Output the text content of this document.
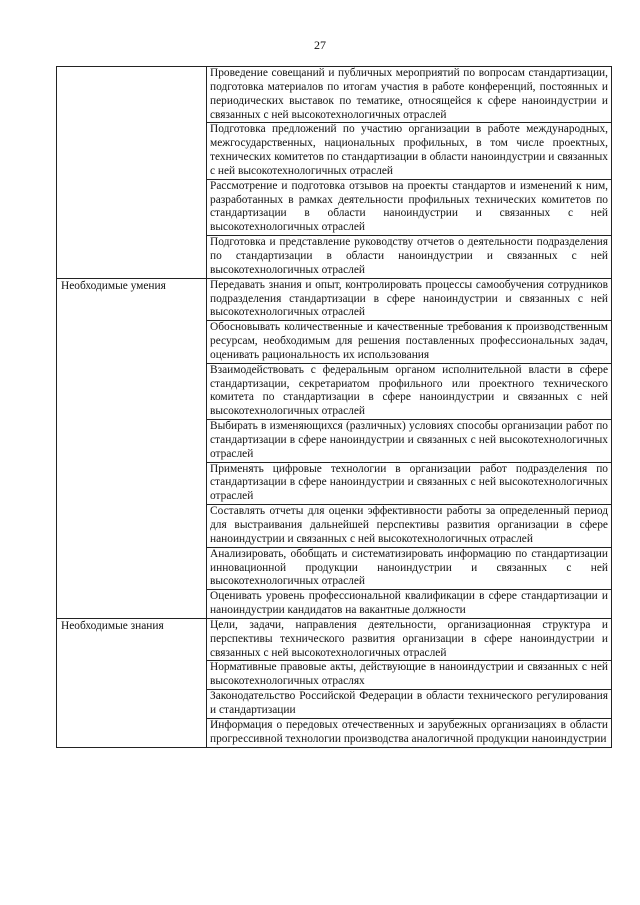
27
	Проведение совещаний и публичных мероприятий по вопросам стандартизации, подготовка материалов по итогам участия в работе конференций, постоянных и периодических выставок по тематике, относящейся к сфере наноиндустрии и связанных с ней высокотехнологичных отраслей
	Подготовка предложений по участию организации в работе международных, межгосударственных, национальных профильных, в том числе проектных, технических комитетов по стандартизации в области наноиндустрии и связанных с ней высокотехнологичных отраслей
	Рассмотрение и подготовка отзывов на проекты стандартов и изменений к ним, разработанных в рамках деятельности профильных технических комитетов по стандартизации в области наноиндустрии и связанных с ней высокотехнологичных отраслей
	Подготовка и представление руководству отчетов о деятельности подразделения по стандартизации в области наноиндустрии и связанных с ней высокотехнологичных отраслей
Необходимые умения	Передавать знания и опыт, контролировать процессы самообучения сотрудников подразделения стандартизации в сфере наноиндустрии и связанных с ней высокотехнологичных отраслей
	Обосновывать количественные и качественные требования к производственным ресурсам, необходимым для решения поставленных профессиональных задач, оценивать рациональность их использования
	Взаимодействовать с федеральным органом исполнительной власти в сфере стандартизации, секретариатом профильного или проектного технического комитета по стандартизации в сфере наноиндустрии и связанных с ней высокотехнологичных отраслей
	Выбирать в изменяющихся (различных) условиях способы организации работ по стандартизации в сфере наноиндустрии и связанных с ней высокотехнологичных отраслей
	Применять цифровые технологии в организации работ подразделения по стандартизации в сфере наноиндустрии и связанных с ней высокотехнологичных отраслей
	Составлять отчеты для оценки эффективности работы за определенный период для выстраивания дальнейшей перспективы развития организации в сфере наноиндустрии и связанных с ней высокотехнологичных отраслей
	Анализировать, обобщать и систематизировать информацию по стандартизации инновационной продукции наноиндустрии и связанных с ней высокотехнологичных отраслей
	Оценивать уровень профессиональной квалификации в сфере стандартизации и наноиндустрии кандидатов на вакантные должности
Необходимые знания	Цели, задачи, направления деятельности, организационная структура и перспективы технического развития организации в сфере наноиндустрии и связанных с ней высокотехнологичных отраслей
	Нормативные правовые акты, действующие в наноиндустрии и связанных с ней высокотехнологичных отраслях
	Законодательство Российской Федерации в области технического регулирования и стандартизации
	Информация о передовых отечественных и зарубежных организациях в области прогрессивной технологии производства аналогичной продукции наноиндустрии
